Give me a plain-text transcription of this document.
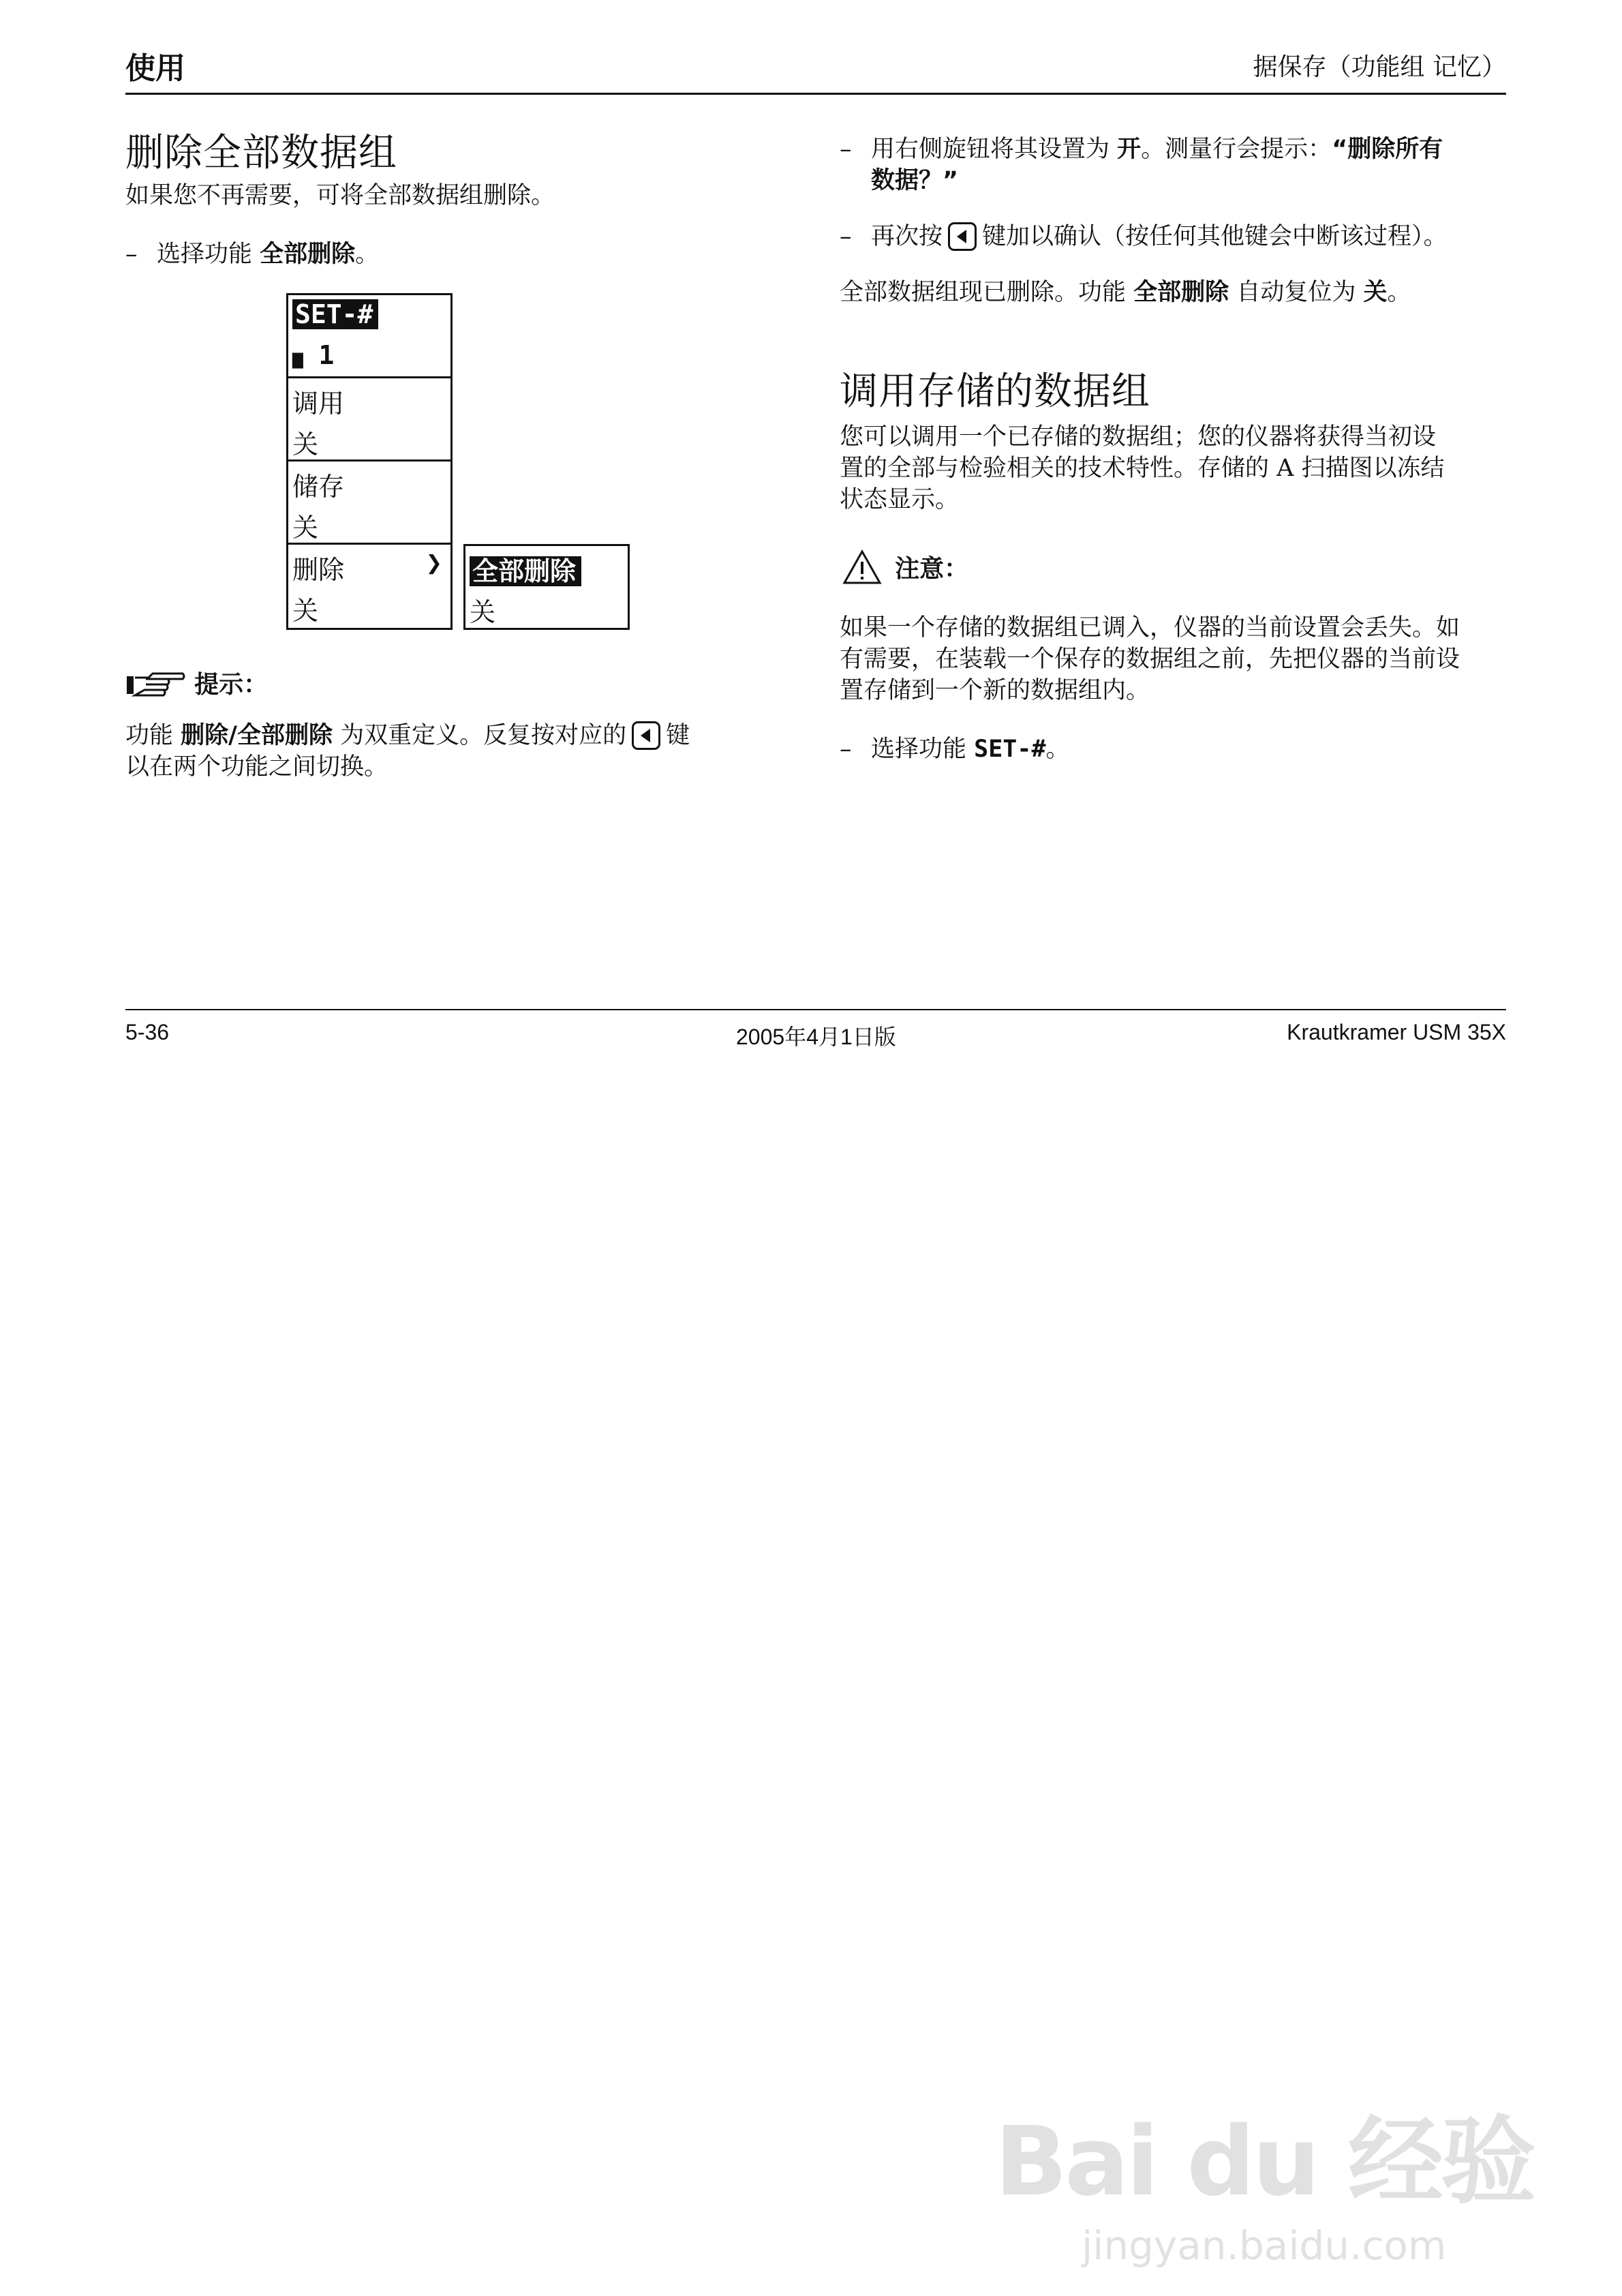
使用	据保存（功能组 记忆）
删除全部数据组
如果您不再需要，可将全部数据组删除。
– 选择功能 全部删除。
SET-#
▆ 1
调用
关
储存
关
删除	❯
关
全部删除 ❯
关
提示：
功能 删除/全部删除 为双重定义。反复按对应的 键
以在两个功能之间切换。
– 用右侧旋钮将其设置为 开。测量行会提示：“删除所有
数据？”
– 再次按 键加以确认（按任何其他键会中断该过程）。
全部数据组现已删除。功能 全部删除 自动复位为 关。
调用存储的数据组
您可以调用一个已存储的数据组；您的仪器将获得当初设
置的全部与检验相关的技术特性。存储的 A 扫描图以冻结
状态显示。
注意：
如果一个存储的数据组已调入，仪器的当前设置会丢失。如
有需要，在装载一个保存的数据组之前，先把仪器的当前设
置存储到一个新的数据组内。
– 选择功能 SET-#。
5-36	2005年4月1日版	Krautkramer USM 35X
Bai du 经验
jingyan.baidu.com
